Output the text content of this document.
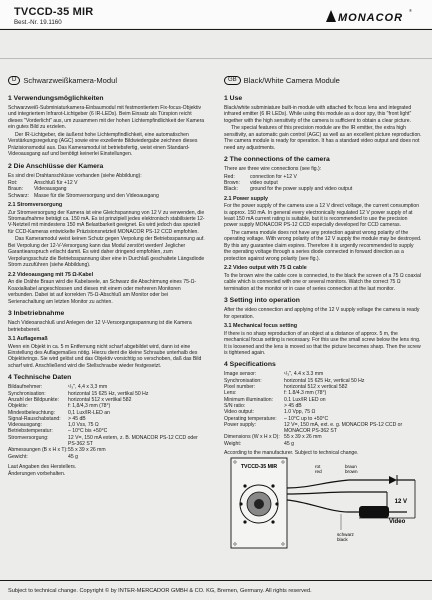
TVCCD-35 MIR
Best.-Nr. 19.1160	MONACOR
®
D Schwarzweißkamera-Modul	GB Black/White Camera Module
1 Verwendungsmöglichkeiten

Schwarzweiß-Subminiaturkamera-Einbaumodul mit festmontiertem Fix-focus-Objektiv und integriertem Infrarot-Lichtgeber (6 IR-LEDs). Beim Einsatz als Türspion reicht dieses "Vorderlicht" aus, um zusammen mit der hohen Lichtempfindlichkeit der Kamera ein gutes Bild zu erzielen.

Der IR-Lichtgeber, die äußerst hohe Lichtempfindlichkeit, eine automatischen Verstärkungsregelung (AGC) sowie eine exzellente Bildwiedergabe zeichnen dieses Präzisionsmodul aus. Das Kameramodul ist betriebsfertig, weist einen Standard-Videoausgang auf und benötigt keinerlei Einstellungen.

2 Die Anschlüsse der Kamera

Es sind drei Drahtanschlüsse vorhanden (siehe Abbildung):

Rot:	Anschluß für +12 V
Braun:	Videoausgang
Schwarz:	Masse für die Stromversorgung und den Videoausgang
2.1 Stromversorgung

Zur Stromversorgung der Kamera ist eine Gleichspannung von 12 V zu verwenden, die Stromaufnahme beträgt ca. 150 mA. Es ist prinzipiell jedes elektronisch stabilisierte 12-V-Netzteil mit mindestens 150 mA Belastbarkeit geeignet. Es wird jedoch das speziell für CCD-Kameras entwickelte Präzisionsnetzteil MONACOR PS-12 CCD empfohlen.

Das Kameramodul weist keinen Schutz gegen Verpolung der Betriebsspannung auf. Bei Verpolung der 12-V-Versorgung kann das Modul zerstört werden! Jeglicher Garantieanspruch erlischt damit. Es wird daher dringend empfohlen, zum Verpolungsschutz die Betriebsspannung über eine in Durchlaß geschaltete Längsdiode Strom zuzuführen (siehe Abbildung).

2.2 Videoausgang mit 75 Ω-Kabel

An die Drähte Braun wird die Kabelseele, an Schwarz die Abschirmung eines 75-Ω-Koaxialkabel angeschlossen und dieses mit einem oder mehreren Monitoren verbunden. Dabei ist auf korrekten 75-Ω-Abschluß am Monitor oder bei Serienschaltung am letzten Monitor zu achten.

3 Inbetriebnahme

Nach Videoanschluß und Anlegen der 12 V-Versorgungsspannung ist die Kamera betriebsbereit.

3.1 Auflagemaß

Wenn ein Objekt in ca. 5 m Entfernung nicht scharf abgebildet wird, dann ist eine Einstellung des Auflagemaßes nötig. Hierzu dient die kleine Schraube unterhalb des Objektivrings. Sie wird gelöst und das Objektiv vorsichtig so verschoben, daß das Bild scharf wird. Anschließend wird die Stellschraube wieder festgesetzt.

4 Technische Daten
Bildaufnehmer:	¹/₃", 4,4 x 3,3 mm
Synchronisation:	horizontal 15 625 Hz, vertikal 50 Hz
Anzahl der Bildpunkte:	horizontal 512 x vertikal 582
Objektiv:	f: 1,8/4,3 mm (78°)
Mindestbeleuchtung:	0,1 Lux/IR-LED an
Signal-Rauschabstand:	> 45 dB
Videoausgang:	1,0 Vss, 75 Ω
Betriebstemperatur:	– 10°C bis +50°C
Stromversorgung:	12 V=, 150 mA extern, z. B. MONACOR PS-12 CCD oder PS-362 ST
Abmessungen (B x H x T):	55 x 39 x 26 mm
Gewicht:	45 g

Laut Angaben des Herstellers.

Änderungen vorbehalten.

1 Use

Black/white subminiature built-in module with attached fix focus lens and integrated infrared emitter (6 IR LEDs). While using this module as a door spy, this "front light" together with the high sensitivity of the camera is sufficient to obtain a clear picture.

The special features of this precision module are the IR emitter, the extra high sensitivity, an automatic gain control (AGC) as well as an excellent picture reproduction. The camera module is ready for operation. It has a standard video output and does not need any adjustments.

2 The connections of the camera

There are three wire connections (see fig.):

Red:	connection for +12 V
Brown:	video output
Black:	ground for the power supply and video output
2.1 Power supply

For the power supply of the camera use a 12 V direct voltage, the current consumption is approx. 150 mA. In general every electronically regulated 12 V power supply of at least 150 mA current rating is suitable, but it is recommended to use the precision power supply MONACOR PS-12 CCD especially developed for CCD cameras.

The camera module does not have any protection against wrong polarity of the operating voltage. With wrong polarity of the 12 V supply the module may be destroyed. By this any guarantee claim expires. Therefore it is urgently recommended to supply the operating voltage through a series diode connected in forward direction as a protection against wrong polarity (see fig.).

2.2 Video output with 75 Ω cable

To the brown wire the cable core is connected, to the black the screen of a 75 Ω coaxial cable which is connected with one or several monitors. Watch the correct 75 Ω termination at the monitor or in case of series connection at the last monitor.

3 Setting into operation

After the video connection and applying of the 12 V supply voltage the camera is ready for operation.

3.1 Mechanical focus setting

If there is no sharp reproduction of an object at a distance of approx. 5 m, the mechanical focus setting is necessary. For this use the small screw below the lens ring. It is loosened and the lens is moved so that the picture becomes sharp. Then the screw is tightened again.

4 Specifications
Image sensor:	¹/₃", 4.4 x 3.3 mm
Synchronisation:	horizontal 15 625 Hz, vertical 50 Hz
Pixel number:	horizontal 512 x vertical 582
Lens:	f: 1.8/4.3 mm (78°)
Minimum illumination:	0.1 Lux/IR LED on
S/N ratio:	> 45 dB
Video output:	1.0 Vpp, 75 Ω
Operating temperature:	– 10°C up to +50°C
Power supply:	12 V=, 150 mA, ext. e. g. MONACOR PS-12 CCD or MONACOR PS-362 ST
Dimensions (W x H x D):	55 x 39 x 26 mm
Weight:	45 g

According to the manufacturer. Subject to technical change.

TVCCD-35 MIR	rot
red
braun
brown
schwarz
black
Video
12 V
Subject to technical change. Copyright © by INTER-MERCADOR GMBH & CO. KG, Bremen, Germany. All rights reserved.
